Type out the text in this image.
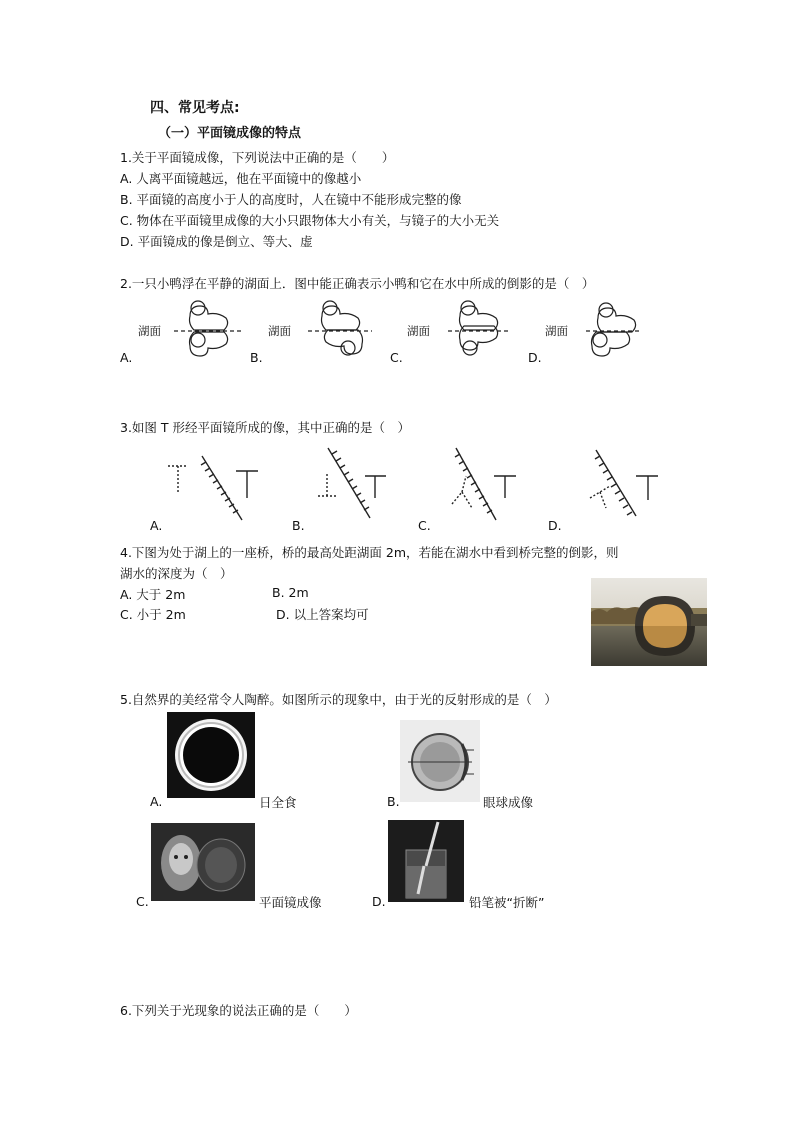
四、常见考点:
（一）平面镜成像的特点
1.关于平面镜成像，下列说法中正确的是（　　）
A. 人离平面镜越远，他在平面镜中的像越小
B. 平面镜的高度小于人的高度时，人在镜中不能形成完整的像
C. 物体在平面镜里成像的大小只跟物体大小有关，与镜子的大小无关
D. 平面镜成的像是倒立、等大、虚
2.一只小鸭浮在平静的湖面上．图中能正确表示小鸭和它在水中所成的倒影的是（　）
湖面	湖面	湖面	湖面
A.	B.	C.	D.
3.如图 T 形经平面镜所成的像，其中正确的是（　）
A.	B.	C.	D.
4.下图为处于湖上的一座桥，桥的最高处距湖面 2m，若能在湖水中看到桥完整的倒影，则
湖水的深度为（　）
A. 大于 2m	B. 2m
C. 小于 2m	D. 以上答案均可
5.自然界的美经常令人陶醉。如图所示的现象中，由于光的反射形成的是（　）
A.	日全食	B.	眼球成像
C.	平面镜成像	D.	铅笔被“折断”
6.下列关于光现象的说法正确的是（　　）
